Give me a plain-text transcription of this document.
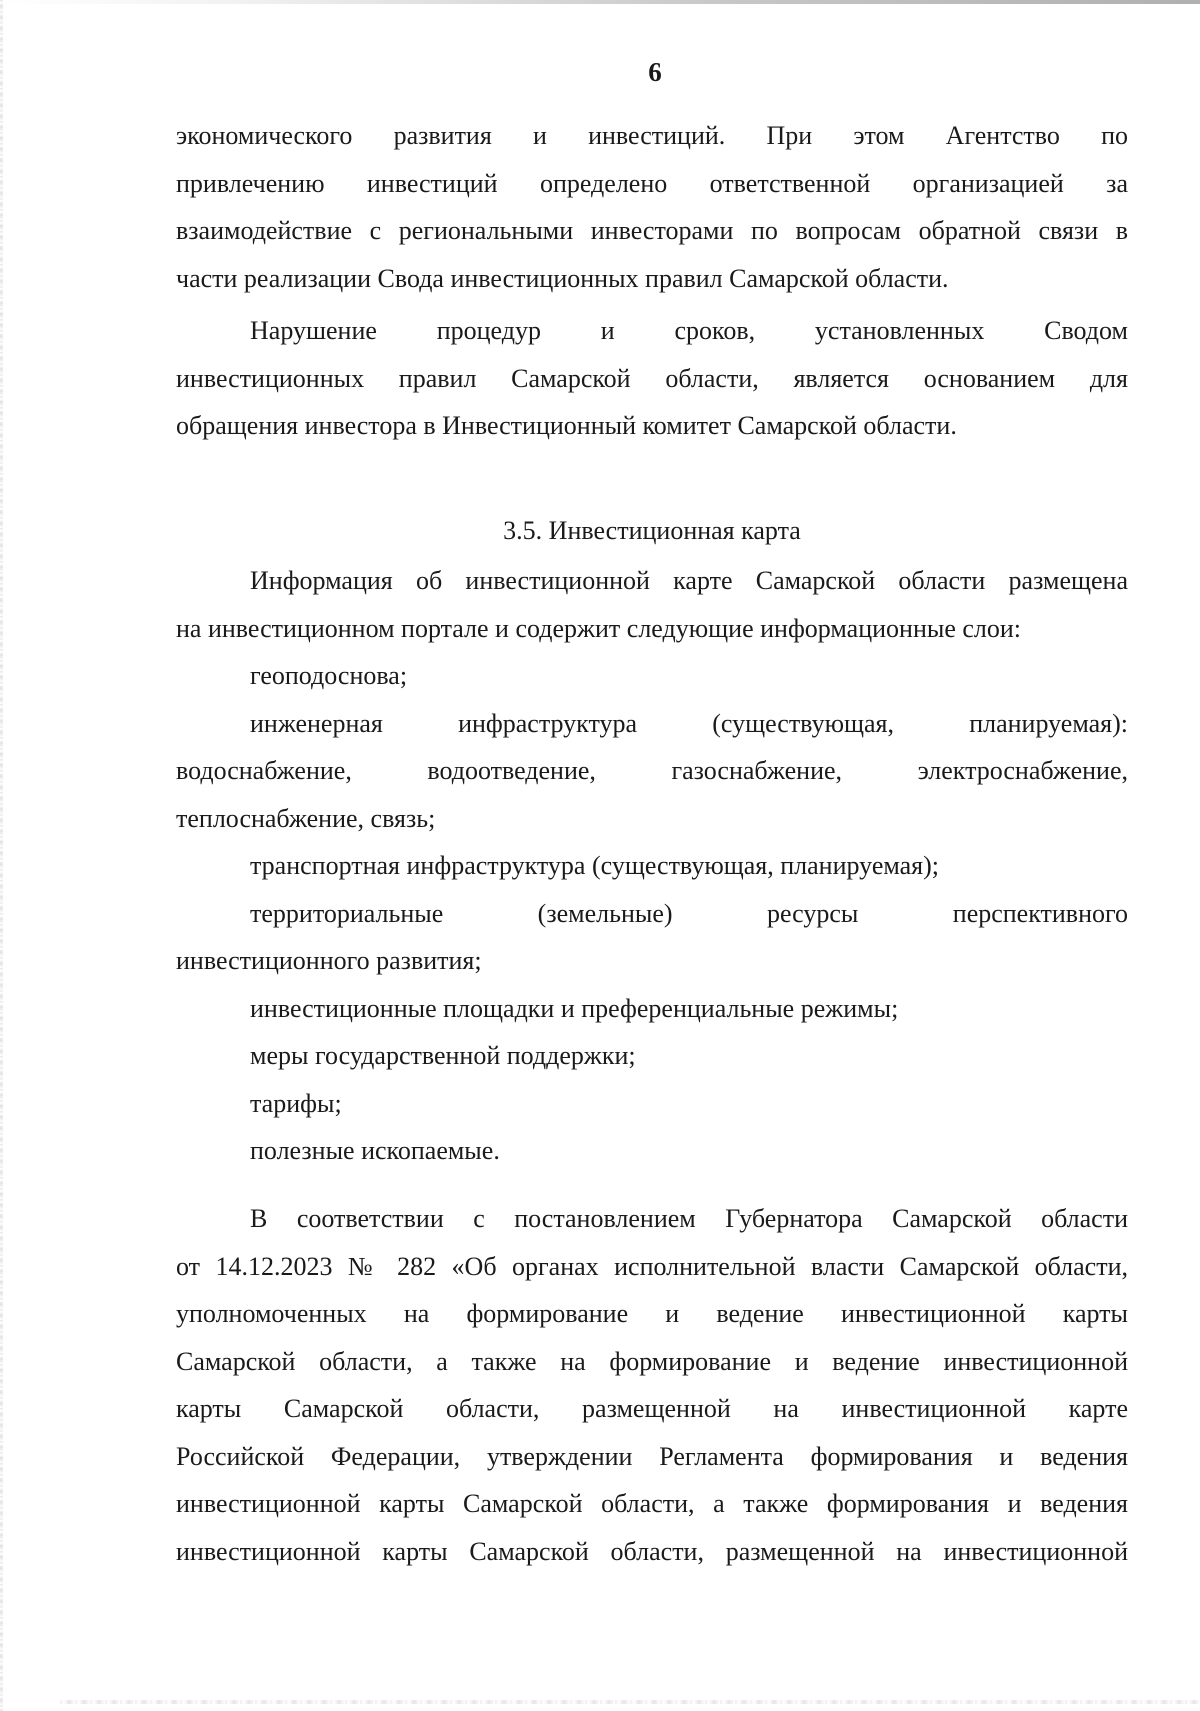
6
экономического развития и инвестиций. При этом Агентство по
привлечению инвестиций определено ответственной организацией за
взаимодействие с региональными инвесторами по вопросам обратной связи в
части реализации Свода инвестиционных правил Самарской области.
Нарушение процедур и сроков, установленных Сводом
инвестиционных правил Самарской области, является основанием для
обращения инвестора в Инвестиционный комитет Самарской области.
3.5. Инвестиционная карта
Информация об инвестиционной карте Самарской области размещена
на инвестиционном портале и содержит следующие информационные слои:
геоподоснова;
инженерная инфраструктура (существующая, планируемая):
водоснабжение, водоотведение, газоснабжение, электроснабжение,
теплоснабжение, связь;
транспортная инфраструктура (существующая, планируемая);
территориальные (земельные) ресурсы перспективного
инвестиционного развития;
инвестиционные площадки и преференциальные режимы;
меры государственной поддержки;
тарифы;
полезные ископаемые.
В соответствии с постановлением Губернатора Самарской области
от 14.12.2023 № 282 «Об органах исполнительной власти Самарской области,
уполномоченных на формирование и ведение инвестиционной карты
Самарской области, а также на формирование и ведение инвестиционной
карты Самарской области, размещенной на инвестиционной карте
Российской Федерации, утверждении Регламента формирования и ведения
инвестиционной карты Самарской области, а также формирования и ведения
инвестиционной карты Самарской области, размещенной на инвестиционной
